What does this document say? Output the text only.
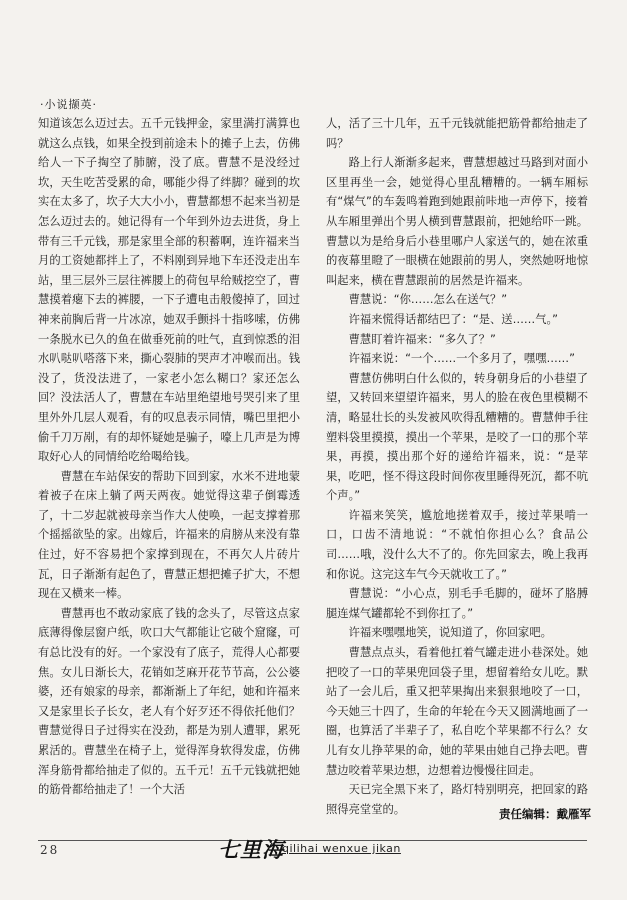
·小说撷英·

知道该怎么迈过去。五千元钱押金，家里满打满算也就这么点钱，如果全投到前途未卜的摊子上去，仿佛给人一下子掏空了肺腑，没了底。曹慧不是没经过坎，天生吃苦受累的命，哪能少得了绊脚？碰到的坎实在太多了，坎子大大小小，曹慧都想不起来当初是怎么迈过去的。她记得有一个年到外边去进货，身上带有三千元钱，那是家里全部的积蓄啊，连许福来当月的工资她都拌上了，不料刚到异地下车还没走出车站，里三层外三层往裤腰上的荷包早给贼挖空了，曹慧摸着瘪下去的裤腰，一下子遭电击般傻掉了，回过神来前胸后背一片冰凉，她双手颤抖十指哆嗦，仿佛一条脱水已久的鱼在做垂死前的吐气，直到惊悉的泪水叭哒叭嗒落下来，撕心裂肺的哭声才冲喉而出。钱没了，货没法进了，一家老小怎么糊口？家还怎么回？没法活人了，曹慧在车站里绝望地号哭引来了里里外外几层人观看，有的叹息表示同情，嘴巴里把小偷千刀万剐，有的却怀疑她是骗子，嚎上几声是为博取好心人的同情给吃给喝给钱。

曹慧在车站保安的帮助下回到家，水米不进地蒙着被子在床上躺了两天两夜。她觉得这辈子倒霉透了，十二岁起就被母亲当作大人使唤，一起支撑着那个摇摇欲坠的家。出嫁后，许福来的肩膀从来没有靠住过，好不容易把个家撑到现在，不再欠人片砖片瓦，日子渐渐有起色了，曹慧正想把摊子扩大，不想现在又横来一棒。

曹慧再也不敢动家底了钱的念头了，尽管这点家底薄得像层窗户纸，吹口大气都能让它破个窟窿，可有总比没有的好。一个家没有了底子，荒得人心都要焦。女儿日渐长大，花销如芝麻开花节节高，公公婆婆，还有娘家的母亲，都渐渐上了年纪，她和许福来又是家里长子长女，老人有个好歹还不得依托他们？曹慧觉得日子过得实在没劲，都是为别人遭罪，累死累活的。曹慧坐在椅子上，觉得浑身软得发虚，仿佛浑身筋骨都给抽走了似的。五千元！五千元钱就把她的筋骨都给抽走了！一个大活

人，活了三十几年，五千元钱就能把筋骨都给抽走了吗？

路上行人渐渐多起来，曹慧想越过马路到对面小区里再坐一会，她觉得心里乱糟糟的。一辆车厢标有“煤气”的车轰鸣着跑到她跟前咔地一声停下，接着从车厢里弹出个男人横到曹慧跟前，把她给吓一跳。曹慧以为是给身后小巷里哪户人家送气的，她在浓重的夜幕里瞪了一眼横在她跟前的男人，突然她呀地惊叫起来，横在曹慧跟前的居然是许福来。

曹慧说：“你……怎么在送气？”

许福来慌得话都结巴了：“是、送……气。”

曹慧盯着许福来：“多久了？”

许福来说：“一个……一个多月了，嘿嘿……”

曹慧仿佛明白什么似的，转身朝身后的小巷望了望，又转回来望望许福来，男人的脸在夜色里模糊不清，略显壮长的头发被风吹得乱糟糟的。曹慧伸手往塑料袋里摸摸，摸出一个苹果，是咬了一口的那个苹果，再摸，摸出那个好的递给许福来，说：“是苹果，吃吧，怪不得这段时间你夜里睡得死沉，都不吭个声。”

许福来笑笑，尴尬地搓着双手，接过苹果啃一口，口齿不清地说：“不就怕你担心么？食品公司……哦，没什么大不了的。你先回家去，晚上我再和你说。这完这车气今天就收工了。”

曹慧说：“小心点，别毛手毛脚的，碰坏了胳膊腿连煤气罐都轮不到你扛了。”

许福来嘿嘿地笑，说知道了，你回家吧。

曹慧点点头，看着他扛着气罐走进小巷深处。她把咬了一口的苹果兜回袋子里，想留着给女儿吃。默站了一会儿后，重又把苹果掏出来狠狠地咬了一口，今天她三十四了，生命的年轮在今天又圆满地画了一圈，也算活了半辈子了，私自吃个苹果都不行么？女儿有女儿挣苹果的命，她的苹果由她自己挣去吧。曹慧边咬着苹果边想，边想着边慢慢往回走。

天已完全黑下来了，路灯特别明亮，把回家的路照得亮堂堂的。	责任编辑：戴雁军
28	七里海
qilihai wenxue jikan
